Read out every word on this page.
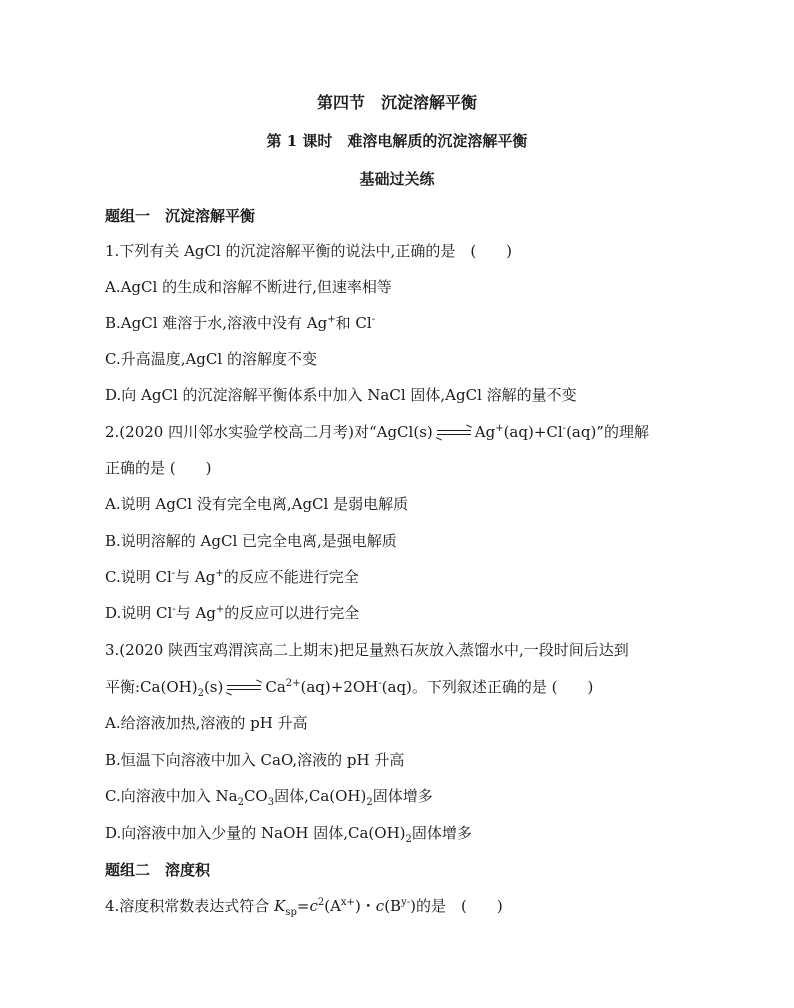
第四节　沉淀溶解平衡
第 1 课时　难溶电解质的沉淀溶解平衡
基础过关练
题组一　沉淀溶解平衡
1.下列有关 AgCl 的沉淀溶解平衡的说法中,正确的是　(　　)
A.AgCl 的生成和溶解不断进行,但速率相等
B.AgCl 难溶于水,溶液中没有 Ag+和 Cl-
C.升高温度,AgCl 的溶解度不变
D.向 AgCl 的沉淀溶解平衡体系中加入 NaCl 固体,AgCl 溶解的量不变
2.(2020 四川邻水实验学校高二月考)对“AgCl(s) → Ag+(aq)+Cl-(aq)”的理解
正确的是 (　　)
A.说明 AgCl 没有完全电离,AgCl 是弱电解质
B.说明溶解的 AgCl 已完全电离,是强电解质
C.说明 Cl-与 Ag+的反应不能进行完全
D.说明 Cl-与 Ag+的反应可以进行完全
3.(2020 陕西宝鸡渭滨高二上期末)把足量熟石灰放入蒸馏水中,一段时间后达到
平衡$:Ca(OH)_2(s) \to Ca^{2+}(aq)+2OH^-(aq)$。下列叙述正确的是 (　　)
A.给溶液加热,溶液的 pH 升高
B.恒温下向溶液中加入 CaO,溶液的 pH 升高
C.向溶液中加入 $Na_2CO_3$固体$,Ca(OH)_2$固体增多
D.向溶液中加入少量的 NaOH 固体$,Ca(OH)_2$固体增多
题组二　溶度积
4.溶度积常数表达式符合 $K_{sp}=c^2(A^{x+})$・$c(B^{y-})$的是　(　　)
